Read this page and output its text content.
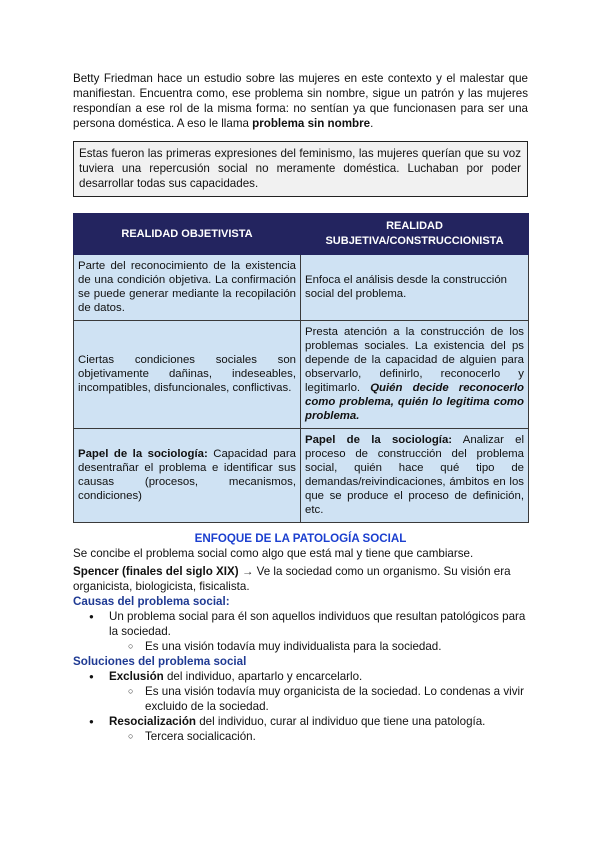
Betty Friedman hace un estudio sobre las mujeres en este contexto y el malestar que manifiestan. Encuentra como, ese problema sin nombre, sigue un patrón y las mujeres respondían a ese rol de la misma forma: no sentían ya que funcionasen para ser una persona doméstica. A eso le llama problema sin nombre.

Estas fueron las primeras expresiones del feminismo, las mujeres querían que su voz tuviera una repercusión social no meramente doméstica. Luchaban por poder desarrollar todas sus capacidades.
REALIDAD OBJETIVISTA	REALIDAD SUBJETIVA/CONSTRUCCIONISTA
Parte del reconocimiento de la existencia de una condición objetiva. La confirmación se puede generar mediante la recopilación de datos.	Enfoca el análisis desde la construcción social del problema.
Ciertas condiciones sociales son objetivamente dañinas, indeseables, incompatibles, disfuncionales, conflictivas.	Presta atención a la construcción de los problemas sociales. La existencia del ps depende de la capacidad de alguien para observarlo, definirlo, reconocerlo y legitimarlo. Quién decide reconocerlo como problema, quién lo legitima como problema.
Papel de la sociología: Capacidad para desentrañar el problema e identificar sus causas (procesos, mecanismos, condiciones)	Papel de la sociología: Analizar el proceso de construcción del problema social, quién hace qué tipo de demandas/reivindicaciones, ámbitos en los que se produce el proceso de definición, etc.

ENFOQUE DE LA PATOLOGÍA SOCIAL

Se concibe el problema social como algo que está mal y tiene que cambiarse.

Spencer (finales del siglo XIX) → Ve la sociedad como un organismo. Su visión era organicista, biologicista, fisicalista.

Causas del problema social:

● Un problema social para él son aquellos individuos que resultan patológicos para la sociedad.
○ Es una visión todavía muy individualista para la sociedad.

Soluciones del problema social

● Exclusión del individuo, apartarlo y encarcelarlo.
○ Es una visión todavía muy organicista de la sociedad. Lo condenas a vivir excluido de la sociedad.
● Resocialización del individuo, curar al individuo que tiene una patología.
○ Tercera socialicación.
